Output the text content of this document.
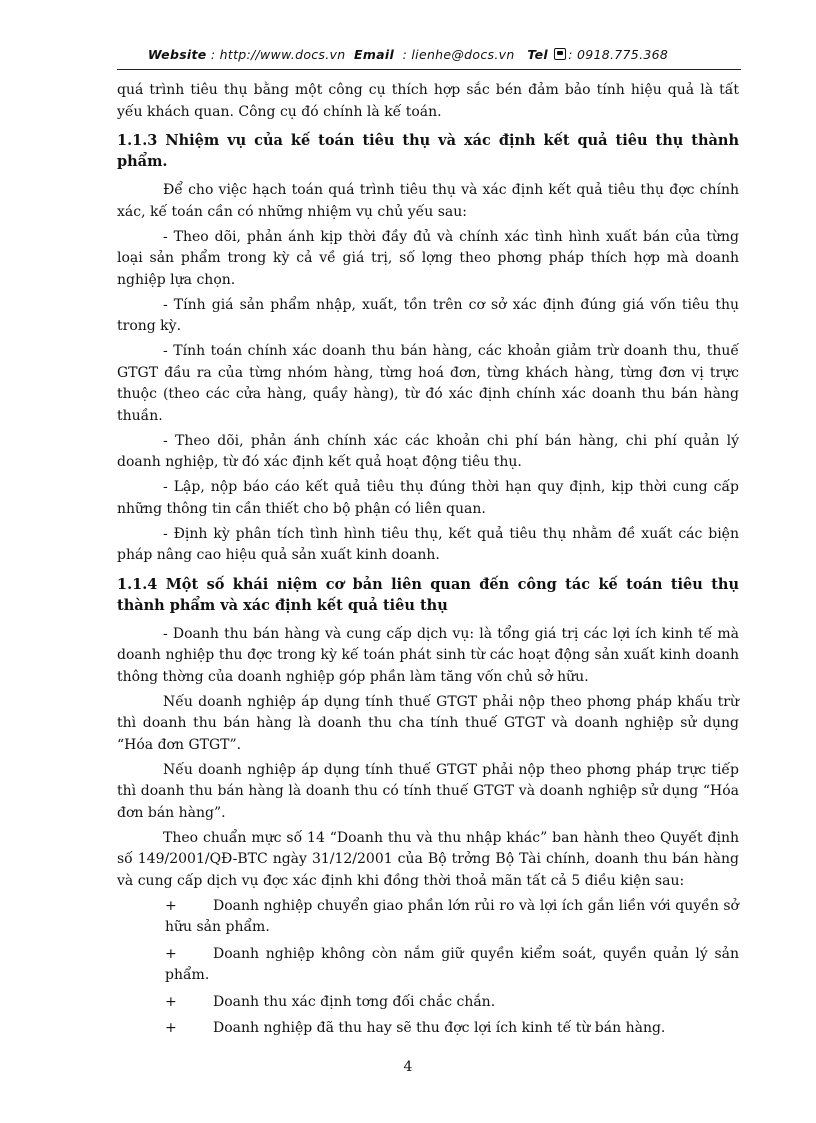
Website : http://www.docs.vn Email : lienhe@docs.vn Tel : 0918.775.368

quá trình tiêu thụ bằng một công cụ thích hợp sắc bén đảm bảo tính hiệu quả là tất yếu khách quan. Công cụ đó chính là kế toán.

1.1.3 Nhiệm vụ của kế toán tiêu thụ và xác định kết quả tiêu thụ thành phẩm.

Để cho việc hạch toán quá trình tiêu thụ và xác định kết quả tiêu thụ đợc chính xác, kế toán cần có những nhiệm vụ chủ yếu sau:

- Theo dõi, phản ánh kịp thời đầy đủ và chính xác tình hình xuất bán của từng loại sản phẩm trong kỳ cả về giá trị, số lợng theo phơng pháp thích hợp mà doanh nghiệp lựa chọn.

- Tính giá sản phẩm nhập, xuất, tồn trên cơ sở xác định đúng giá vốn tiêu thụ trong kỳ.

- Tính toán chính xác doanh thu bán hàng, các khoản giảm trừ doanh thu, thuế GTGT đầu ra của từng nhóm hàng, từng hoá đơn, từng khách hàng, từng đơn vị trực thuộc (theo các cửa hàng, quầy hàng), từ đó xác định chính xác doanh thu bán hàng thuần.

- Theo dõi, phản ánh chính xác các khoản chi phí bán hàng, chi phí quản lý doanh nghiệp, từ đó xác định kết quả hoạt động tiêu thụ.

- Lập, nộp báo cáo kết quả tiêu thụ đúng thời hạn quy định, kịp thời cung cấp những thông tin cần thiết cho bộ phận có liên quan.

- Định kỳ phân tích tình hình tiêu thụ, kết quả tiêu thụ nhằm đề xuất các biện pháp nâng cao hiệu quả sản xuất kinh doanh.

1.1.4 Một số khái niệm cơ bản liên quan đến công tác kế toán tiêu thụ thành phẩm và xác định kết quả tiêu thụ

- Doanh thu bán hàng và cung cấp dịch vụ: là tổng giá trị các lợi ích kinh tế mà doanh nghiệp thu đợc trong kỳ kế toán phát sinh từ các hoạt động sản xuất kinh doanh thông thờng của doanh nghiệp góp phần làm tăng vốn chủ sở hữu.

Nếu doanh nghiệp áp dụng tính thuế GTGT phải nộp theo phơng pháp khấu trừ thì doanh thu bán hàng là doanh thu cha tính thuế GTGT và doanh nghiệp sử dụng “Hóa đơn GTGT”.

Nếu doanh nghiệp áp dụng tính thuế GTGT phải nộp theo phơng pháp trực tiếp thì doanh thu bán hàng là doanh thu có tính thuế GTGT và doanh nghiệp sử dụng “Hóa đơn bán hàng”.

Theo chuẩn mực số 14 “Doanh thu và thu nhập khác” ban hành theo Quyết định số 149/2001/QĐ-BTC ngày 31/12/2001 của Bộ trởng Bộ Tài chính, doanh thu bán hàng và cung cấp dịch vụ đợc xác định khi đồng thời thoả mãn tất cả 5 điều kiện sau:

+	Doanh nghiệp chuyển giao phần lớn rủi ro và lợi ích gắn liền với quyền sở hữu sản phẩm.

+	Doanh nghiệp không còn nắm giữ quyền kiểm soát, quyền quản lý sản phẩm.

+	Doanh thu xác định tơng đối chắc chắn.

+	Doanh nghiệp đã thu hay sẽ thu đợc lợi ích kinh tế từ bán hàng.

4
